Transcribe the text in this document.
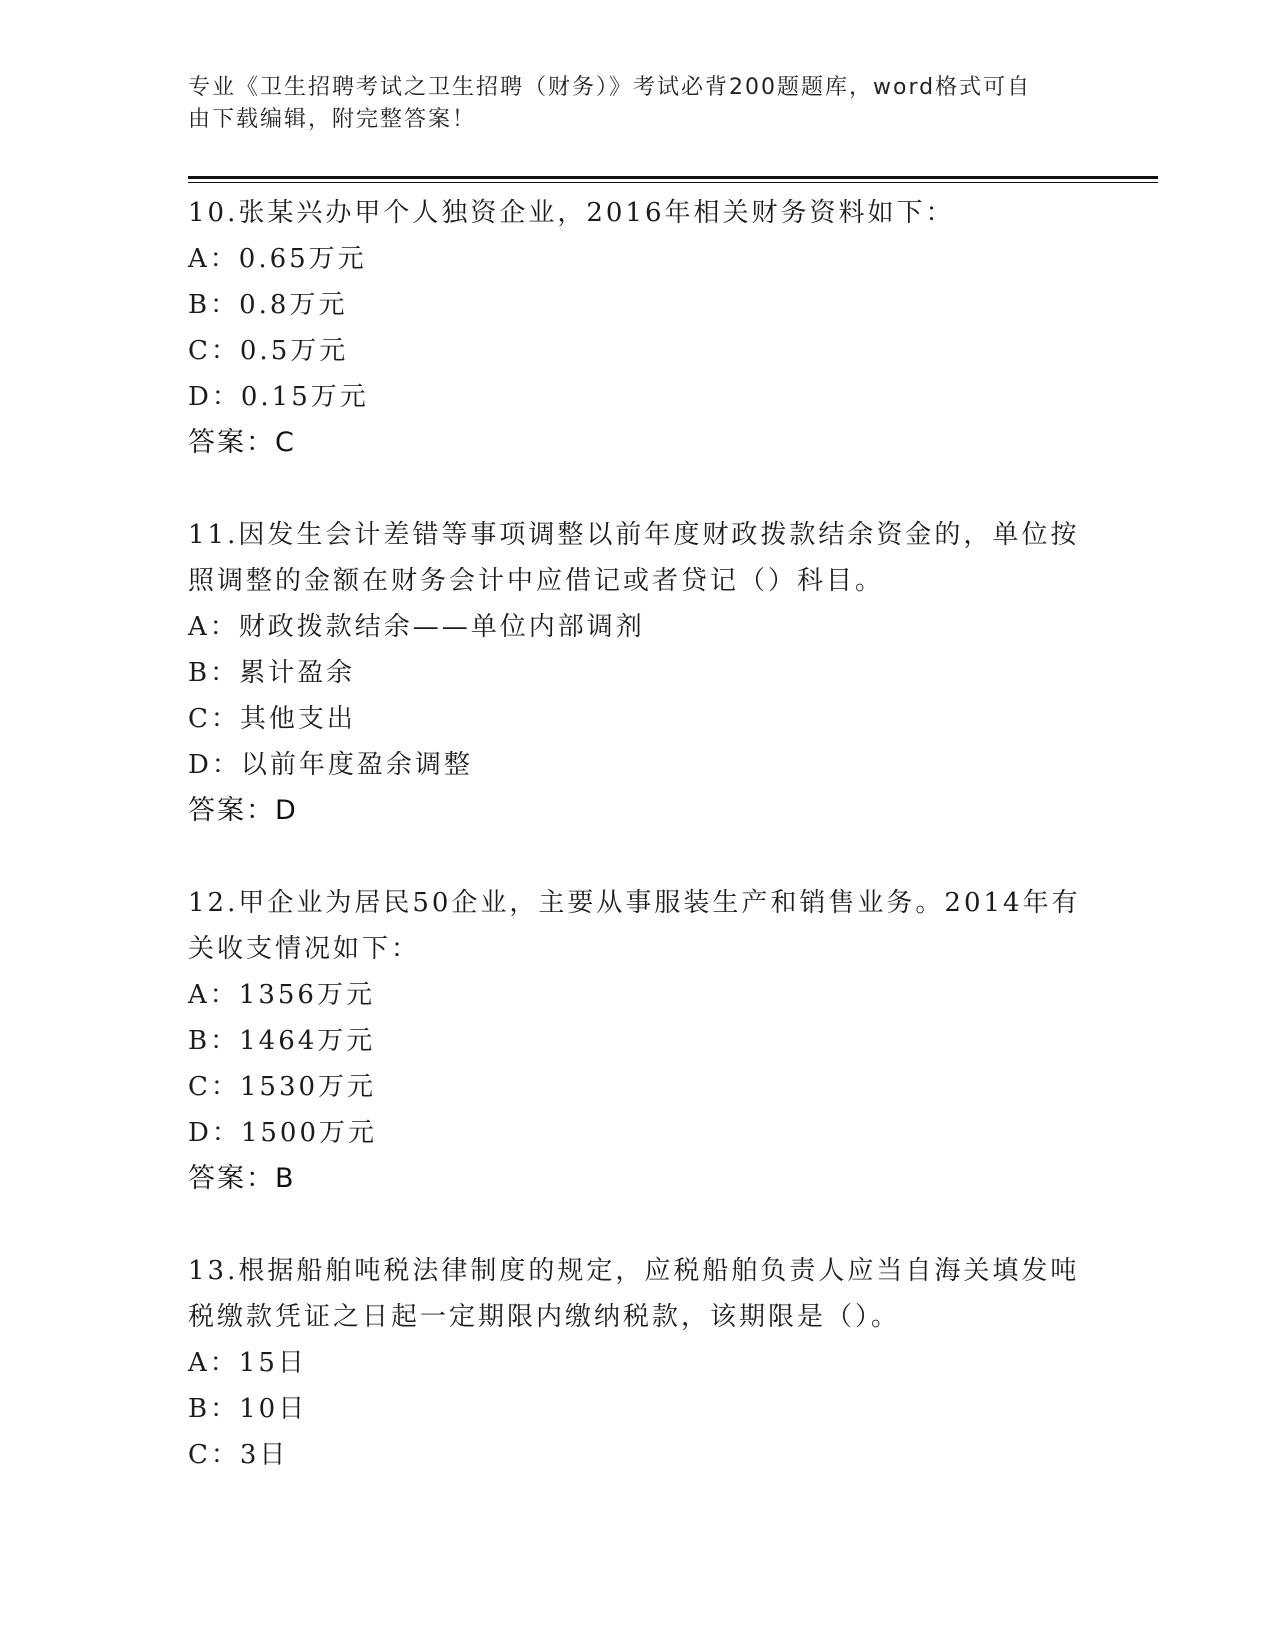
专业《卫生招聘考试之卫生招聘（财务）》考试必背200题题库，word格式可自
由下载编辑，附完整答案！
10.张某兴办甲个人独资企业，2016年相关财务资料如下：
A：0.65万元
B：0.8万元
C：0.5万元
D：0.15万元
答案：C
11.因发生会计差错等事项调整以前年度财政拨款结余资金的，单位按照调整的金额在财务会计中应借记或者贷记（）科目。
A：财政拨款结余——单位内部调剂
B：累计盈余
C：其他支出
D：以前年度盈余调整
答案：D
12.甲企业为居民50企业，主要从事服装生产和销售业务。2014年有关收支情况如下：
A：1356万元
B：1464万元
C：1530万元
D：1500万元
答案：B
13.根据船舶吨税法律制度的规定，应税船舶负责人应当自海关填发吨税缴款凭证之日起一定期限内缴纳税款，该期限是（）。
A：15日
B：10日
C：3日
